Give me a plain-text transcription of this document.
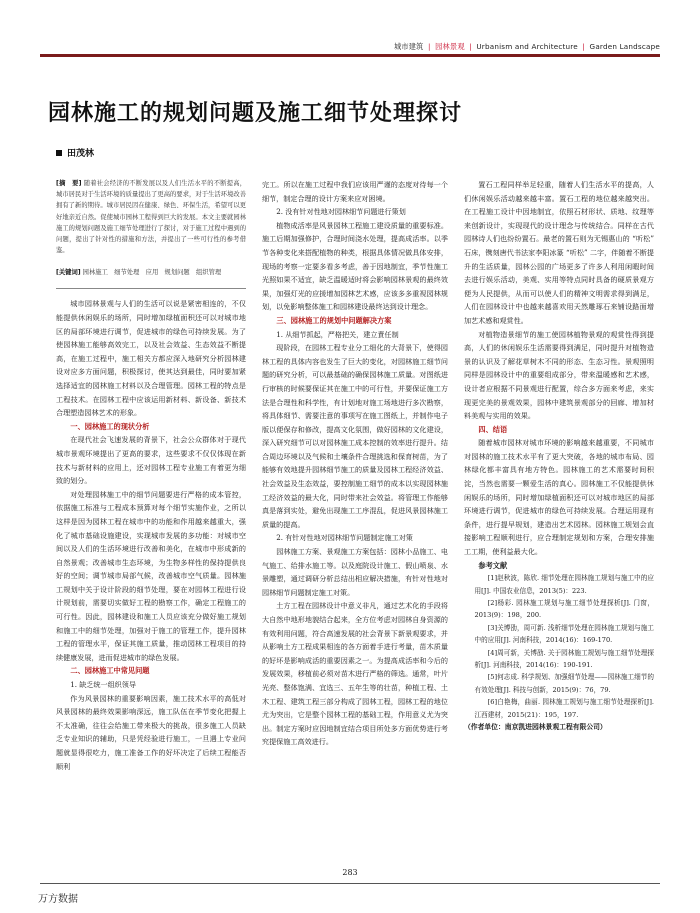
城市建筑 | 园林景观 | Urbanism and Architecture | Garden Landscape
园林施工的规划问题及施工细节处理探讨
田茂林
[摘　要] 随着社会经济的不断发展以及人们生活水平的不断提高，城市居民对于生活环境的质量提出了更高的要求，对于生活环境改善拥有了新的期待。城市居民因在健康、绿色、环保生活，希望可以更好地亲近自然。促使城市园林工程得到巨大的发展。本文主要就园林施工的规划问题及施工细节处理进行了探讨，对于施工过程中遇到的问题，提出了针对性的措施和方法，并提出了一些可行性的参考借鉴。
[关键词] 园林施工　细节处理　应用　规划问题　组织管理

城市园林景观与人们的生活可以说是紧密相连的，不仅能提供休闲娱乐的场所，同时增加绿植面积还可以对城市地区的局部环境进行调节，促进城市的绿色可持续发展。为了使园林施工能够高效完工，以及社会效益、生态效益不断提高，在施工过程中，施工相关方都应深入地研究分析园林建设对应多方面问题，积极探讨，使其达到最佳，同时要加紧选择适宜的园林施工材料以及合理管理。园林工程的特点是工程技术。在园林工程中应该运用新材料、新设备、新技术合理塑造园林艺术的形象。

一、园林施工的现状分析

在现代社会飞速发展的背景下，社会公众群体对于现代城市景观环境提出了更高的要求，这些要求不仅仅体现在新技术与新材料的应用上，还对园林工程专业施工有着更为细致的划分。

对处理园林施工中的细节问题要进行严格的成本管控，依据施工标准与工程成本预算对每个细节实施作业，之所以这样是因为园林工程在城市中的功能和作用越来越重大，强化了城市基础设施建设，实现城市发展的多功能：对城市空间以及人们的生活环境进行改善和美化，在城市中形成新的自然景观；改善城市生态环境，为生物多样性的保持提供良好的空间；调节城市局部气候，改善城市空气质量。园林施工规划中关于设计阶段的细节处理，要在对园林工程进行设计规划前，需要切实做好工程的勘察工作，确定工程施工的可行性。因此，园林建设和施工人员应该充分做好施工规划和施工中的细节处理，加强对于施工的管理工作，提升园林工程的管理水平，保证其施工质量，推动园林工程项目的持续健康发展，进而促进城市的绿色发展。

二、园林施工中常见问题

1. 缺乏统一组织领导

作为风景园林的重要影响因素，施工技术水平的高低对风景园林的最终效果影响深远，施工队伍在季节变化把握上不太准确，往往会给施工带来极大的挑战，很多施工人员缺乏专业知识的辅助，只是凭经验进行施工，一旦遇上专业问题就显得很吃力，施工准备工作的好坏决定了后续工程能否顺利

完工。所以在施工过程中我们应该用严谨的态度对待每一个细节，制定合理的设计方案来应对困境。

2. 没有针对性地对园林细节问题进行策划

植物成活率是风景园林工程施工建设质量的重要标准。施工后期加强修护，合理时间浇水处理，提高成活率。以季节各种变化来搭配植物的种类，根据具体情况做具体安排，现场的考察一定要多看多考虑，善于因地制宜，季节性施工光照如果不适宜，缺乏温暖适时将会影响园林景观的最终效果，加强灯光的应援增加园林艺术感，应该多多重视园林规划，以免影响整体施工和园林建设最终达到设计理念。

三、园林施工的规划中问题解决方案

1. 从细节抓起，严格把关，建立責任制

现阶段，在园林工程专业分工细化的大背景下，使得园林工程的具体内容也发生了巨大的变化，对园林施工细节问题的研究分析，可以最基础的确保园林施工质量。对图纸进行审核的时候要保证其在施工中的可行性，并要保证施工方法是合理性和科学性，有计划地对施工场地进行多次勘察，将具体细节、需要注意的事项写在施工图纸上，并制作电子版以便保存和修改，提高文化氛围，做好园林的文化建设，深入研究细节可以对园林施工成本控制的效率进行提升。结合周边环境以及气候和土壤条件合理挑选和保育树苗，为了能够有效地提升园林细节施工的质量及园林工程经济效益、社会效益及生态效益，要控制施工细节的成本以实现园林施工经济效益的最大化，同时带来社会效益。将管理工作能够真是落到实处，避免出现施工工序混乱，促进风景园林施工质量的提高。

2. 有针对性地对园林细节问题制定施工对策

园林施工方案、景观施工方案包括：园林小品施工、电气施工、给排水施工等。以及庭院设计施工、假山喷泉、水景雕塑，通过调研分析总结出相应解决措施，有针对性地对园林细节问题制定施工对策。

土方工程在园林设计中意义非凡，通过艺术化的手段将大自然中地形地貌结合起来，全方位考虑对园林自身资源的有效利用问题，符合高速发展的社会背景下新景观要求，并从影响土方工程成果相连的各方面着手进行考量，苗木质量的好坏是影响成活的重要因素之一。为提高成活率和今后的发展效果，移植前必须对苗木进行严格的筛选。通常，叶片光亮、整体饱满、宜选三、五年生等的壮苗，种植工程、土木工程、建筑工程三部分构成了园林工程，园林工程的地位尤为突出，它是整个园林工程的基础工程，作用意义尤为突出。制定方案时应因地制宜结合项目所处多方面优势进行考究提保施工高效进行。

置石工程同样举足轻重，随着人们生活水平的提高，人们休闲娱乐活动越来越丰富。置石工程的地位越来越突出。在工程施工设计中因地制宜，依照石材形状、质地、纹理等来创新设计，实现现代的设计理念与传统结合。同样在古代园林诗人们也纷纷置石。最老的置石则为无锡惠山的 “听松” 石床，镌刻唐代书法家李阳冰篆 “听松” 二字，伴随着不断提升的生活质量，园林公园的广场更多了许多人利用闲暇时间去进行娱乐活动，美观、实用等特点同时具备的硬质景观方便为人民提供，从而可以使人们的精神文明需求得到满足，人们在园林设计中也越来越喜欢用天然雕琢石来铺设路面增加艺术感和观赏性。

对植物造景细节的施工使园林植物景观的观赏性得到提高，人们的休闲娱乐生活需要得到满足，同时提升对植物造景的认识及了解花草树木不同的形态、生态习性。景观照明同样是园林设计中的重要组成部分，带来温暖感和艺术感，设计者应根据不同景观进行配置，综合多方面来考虑，来实现更完美的景观效果，园林中建筑景观部分的回廊、增加材料美观与实用的效果。

四、结语

随着城市园林对城市环境的影响越来越重要，不同城市对园林的施工技术水平有了更大突破，各地的城市布局、园林绿化都丰富具有地方特色。园林施工的艺术需要时间积淀，当然也需要一颗爱生活的真心。园林施工不仅能提供休闲娱乐的场所，同时增加绿植面积还可以对城市地区的局部环境进行调节，促进城市的绿色可持续发展。合理运用现有条件，进行提早规划，建造出艺术园林。园林施工规划会直接影响工程顺利进行，应合理制定规划和方案，合理安排施工工期，使利益最大化。

参考文献

[1]赵秋波，陈欣. 细节处理在园林施工规划与施工中的应用[J]. 中国农业信息，2013(5)：223.

[2]杨彩. 园林施工规划与施工细节处理探析[J]. 门窗，2013(9)：198，200.

[3]关博劭，周可新. 浅析细节处理在园林施工规划与施工中的应用[J]. 河南科技，2014(16)：169-170.

[4]周可新，关博劭. 关于园林施工规划与施工细节处理探析[J]. 河南科技，2014(16)：190-191.

[5]何志成. 科学规划、加强细节处理——园林施工细节的有效处理[J]. 科技与创新，2015(9)：76，79.

[6]白艳梅，曲丽. 园林施工规划与施工细节处理探析[J]. 江西建材，2015(21)：195，197.

（作者单位：南京凯进园林景观工程有限公司）

283
万方数据
